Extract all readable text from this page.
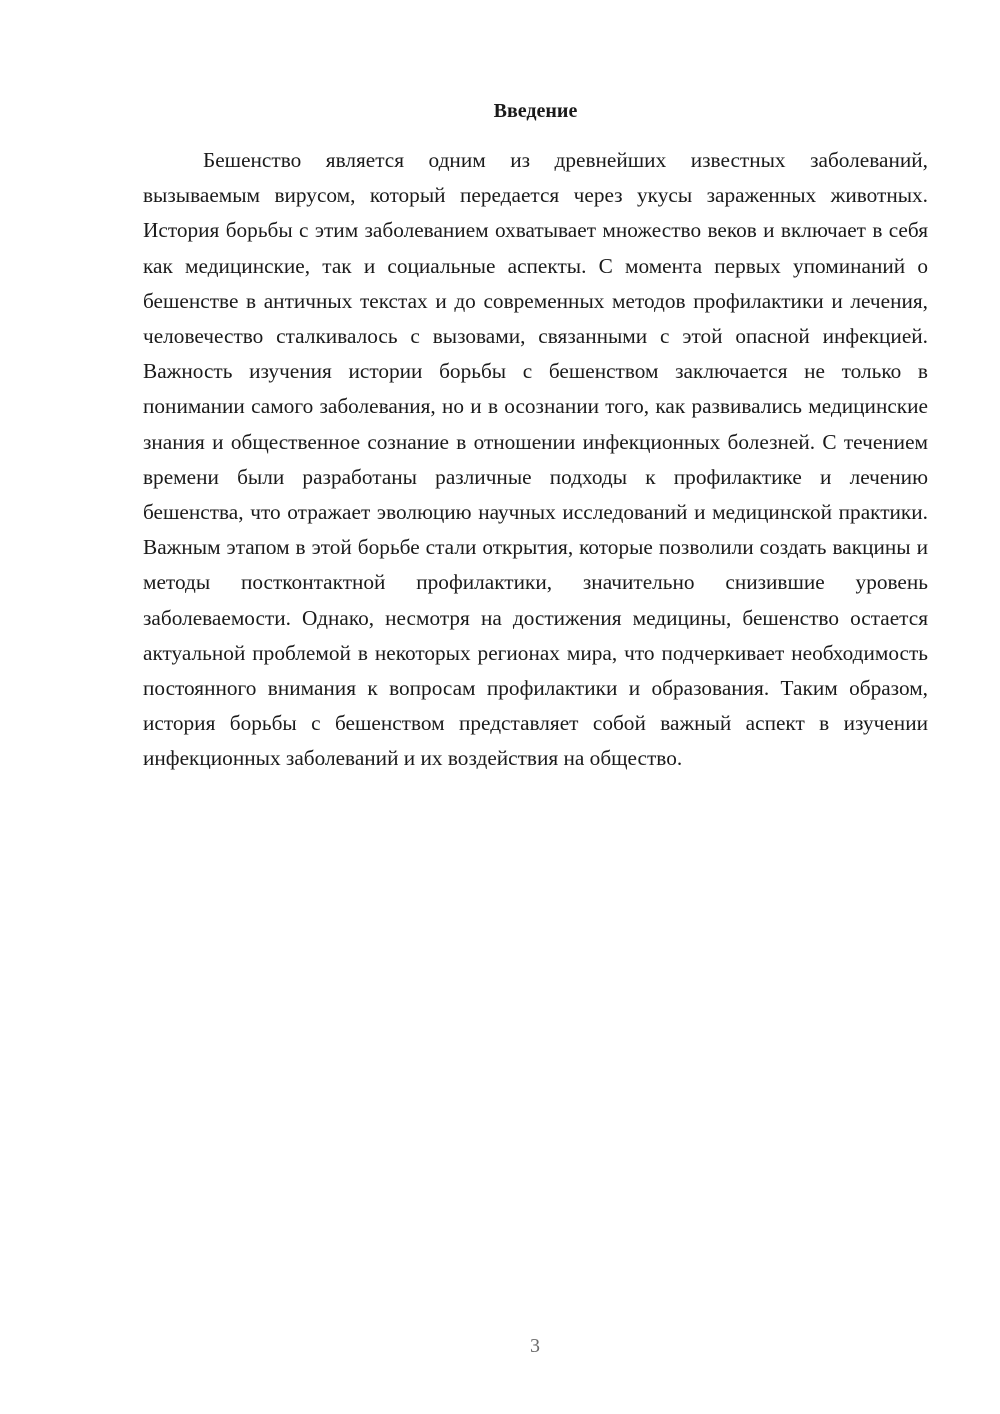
Введение

Бешенство является одним из древнейших известных заболеваний, вызываемым вирусом, который передается через укусы зараженных животных. История борьбы с этим заболеванием охватывает множество веков и включает в себя как медицинские, так и социальные аспекты. С момента первых упоминаний о бешенстве в античных текстах и до современных методов профилактики и лечения, человечество сталкивалось с вызовами, связанными с этой опасной инфекцией. Важность изучения истории борьбы с бешенством заключается не только в понимании самого заболевания, но и в осознании того, как развивались медицинские знания и общественное сознание в отношении инфекционных болезней. С течением времени были разработаны различные подходы к профилактике и лечению бешенства, что отражает эволюцию научных исследований и медицинской практики. Важным этапом в этой борьбе стали открытия, которые позволили создать вакцины и методы постконтактной профилактики, значительно снизившие уровень заболеваемости. Однако, несмотря на достижения медицины, бешенство остается актуальной проблемой в некоторых регионах мира, что подчеркивает необходимость постоянного внимания к вопросам профилактики и образования. Таким образом, история борьбы с бешенством представляет собой важный аспект в изучении инфекционных заболеваний и их воздействия на общество.

3
